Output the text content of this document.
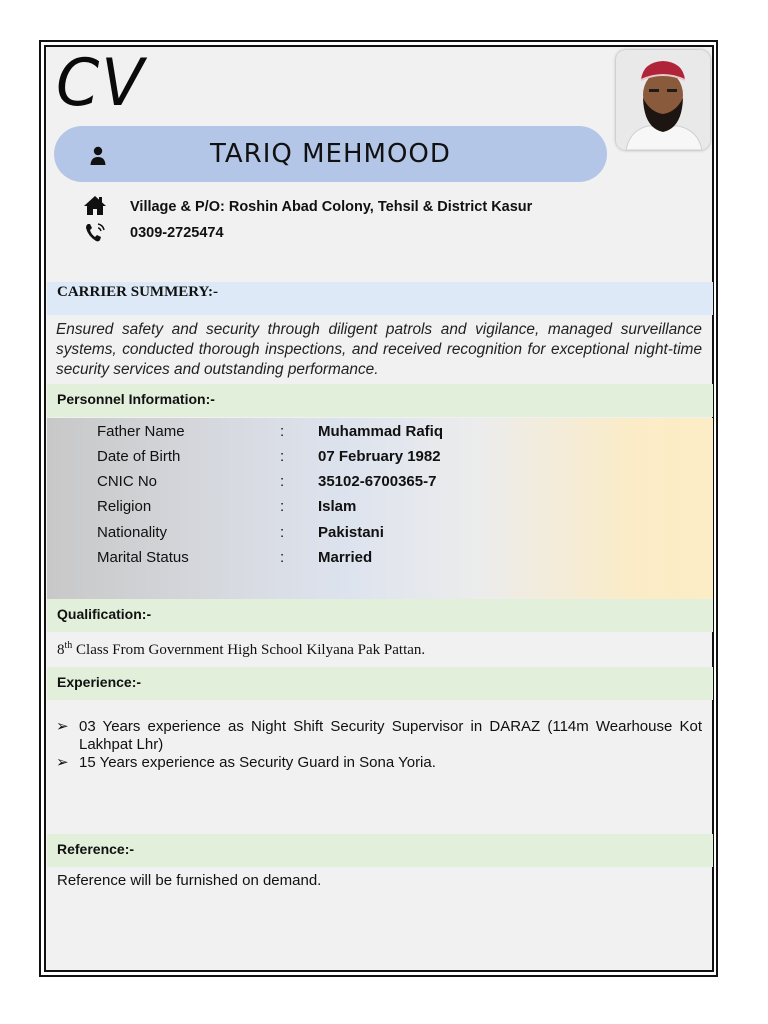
CV
TARIQ MEHMOOD
Village & P/O: Roshin Abad Colony, Tehsil & District Kasur
0309-2725474
CARRIER SUMMERY:-
Ensured safety and security through diligent patrols and vigilance, managed surveillance systems, conducted thorough inspections, and received recognition for exceptional night-time security services and outstanding performance.
Personnel Information:-
Father Name	: Muhammad Rafiq
Date of Birth	: 07 February 1982
CNIC No	: 35102-6700365-7
Religion	: Islam
Nationality	: Pakistani
Marital Status	: Married
Qualification:-
8th Class From Government High School Kilyana Pak Pattan.
Experience:-
➢ 03 Years experience as Night Shift Security Supervisor in DARAZ (114m Wearhouse Kot Lakhpat Lhr)
➢ 15 Years experience as Security Guard in Sona Yoria.
Reference:-
Reference will be furnished on demand.
